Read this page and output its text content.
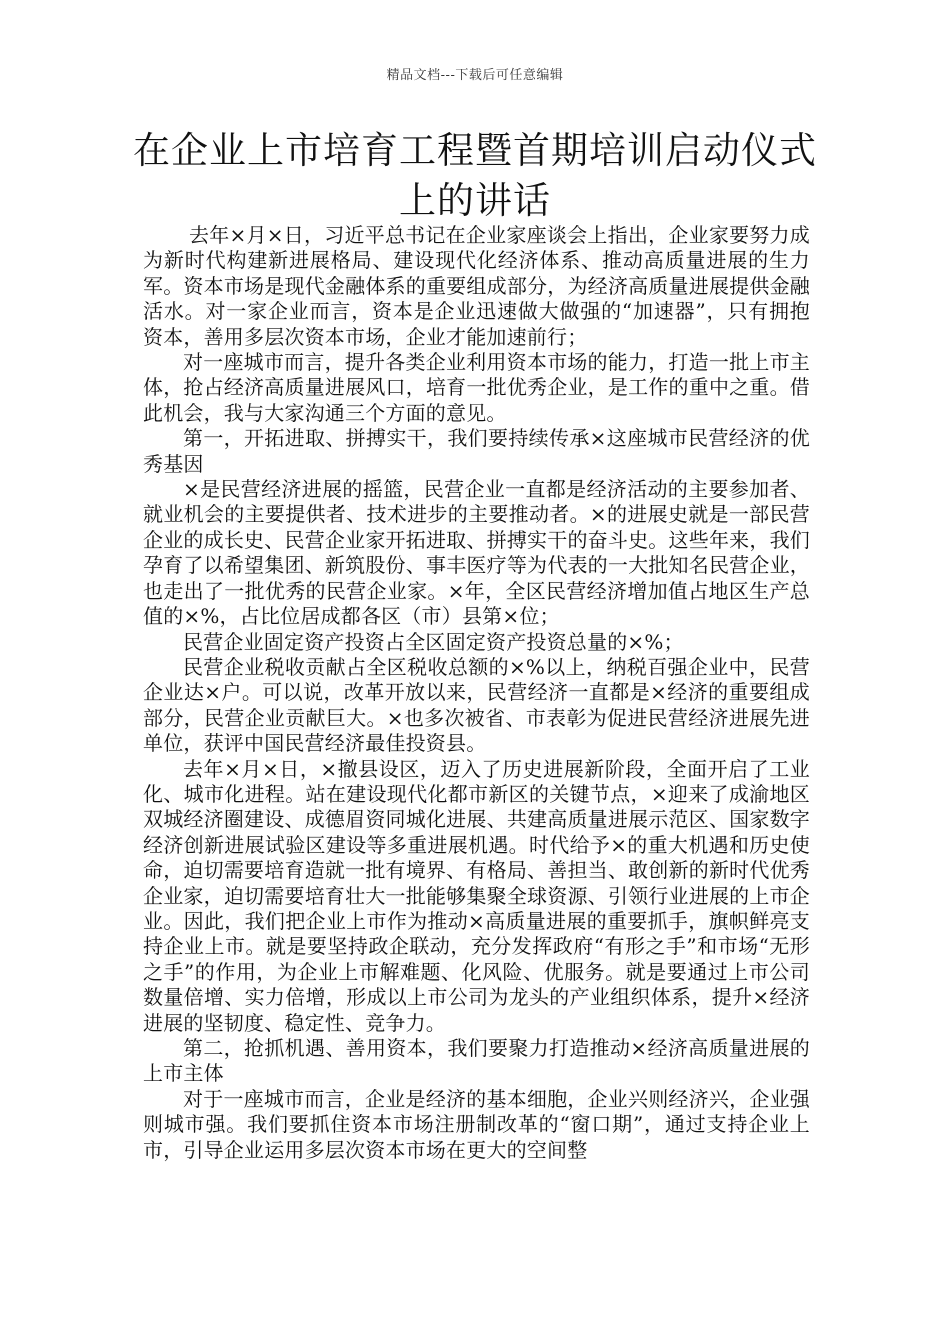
精品文档---下载后可任意编辑
在企业上市培育工程暨首期培训启动仪式上的讲话

去年×月×日，习近平总书记在企业家座谈会上指出，企业家要努力成为新时代构建新进展格局、建设现代化经济体系、推动高质量进展的生力军。资本市场是现代金融体系的重要组成部分，为经济高质量进展提供金融活水。对一家企业而言，资本是企业迅速做大做强的“加速器”，只有拥抱资本，善用多层次资本市场，企业才能加速前行；

对一座城市而言，提升各类企业利用资本市场的能力，打造一批上市主体，抢占经济高质量进展风口，培育一批优秀企业，是工作的重中之重。借此机会，我与大家沟通三个方面的意见。

第一，开拓进取、拼搏实干，我们要持续传承×这座城市民营经济的优秀基因

×是民营经济进展的摇篮，民营企业一直都是经济活动的主要参加者、就业机会的主要提供者、技术进步的主要推动者。×的进展史就是一部民营企业的成长史、民营企业家开拓进取、拼搏实干的奋斗史。这些年来，我们孕育了以希望集团、新筑股份、事丰医疗等为代表的一大批知名民营企业，也走出了一批优秀的民营企业家。×年，全区民营经济增加值占地区生产总值的×%，占比位居成都各区（市）县第×位；

民营企业固定资产投资占全区固定资产投资总量的×%；

民营企业税收贡献占全区税收总额的×%以上，纳税百强企业中，民营企业达×户。可以说，改革开放以来，民营经济一直都是×经济的重要组成部分，民营企业贡献巨大。×也多次被省、市表彰为促进民营经济进展先进单位，获评中国民营经济最佳投资县。

去年×月×日，×撤县设区，迈入了历史进展新阶段，全面开启了工业化、城市化进程。站在建设现代化都市新区的关键节点，×迎来了成渝地区双城经济圈建设、成德眉资同城化进展、共建高质量进展示范区、国家数字经济创新进展试验区建设等多重进展机遇。时代给予×的重大机遇和历史使命，迫切需要培育造就一批有境界、有格局、善担当、敢创新的新时代优秀企业家，迫切需要培育壮大一批能够集聚全球资源、引领行业进展的上市企业。因此，我们把企业上市作为推动×高质量进展的重要抓手，旗帜鲜亮支持企业上市。就是要坚持政企联动，充分发挥政府“有形之手”和市场“无形之手”的作用，为企业上市解难题、化风险、优服务。就是要通过上市公司数量倍增、实力倍增，形成以上市公司为龙头的产业组织体系，提升×经济进展的坚韧度、稳定性、竞争力。

第二，抢抓机遇、善用资本，我们要聚力打造推动×经济高质量进展的上市主体

对于一座城市而言，企业是经济的基本细胞，企业兴则经济兴，企业强则城市强。我们要抓住资本市场注册制改革的“窗口期”，通过支持企业上市，引导企业运用多层次资本市场在更大的空间整
